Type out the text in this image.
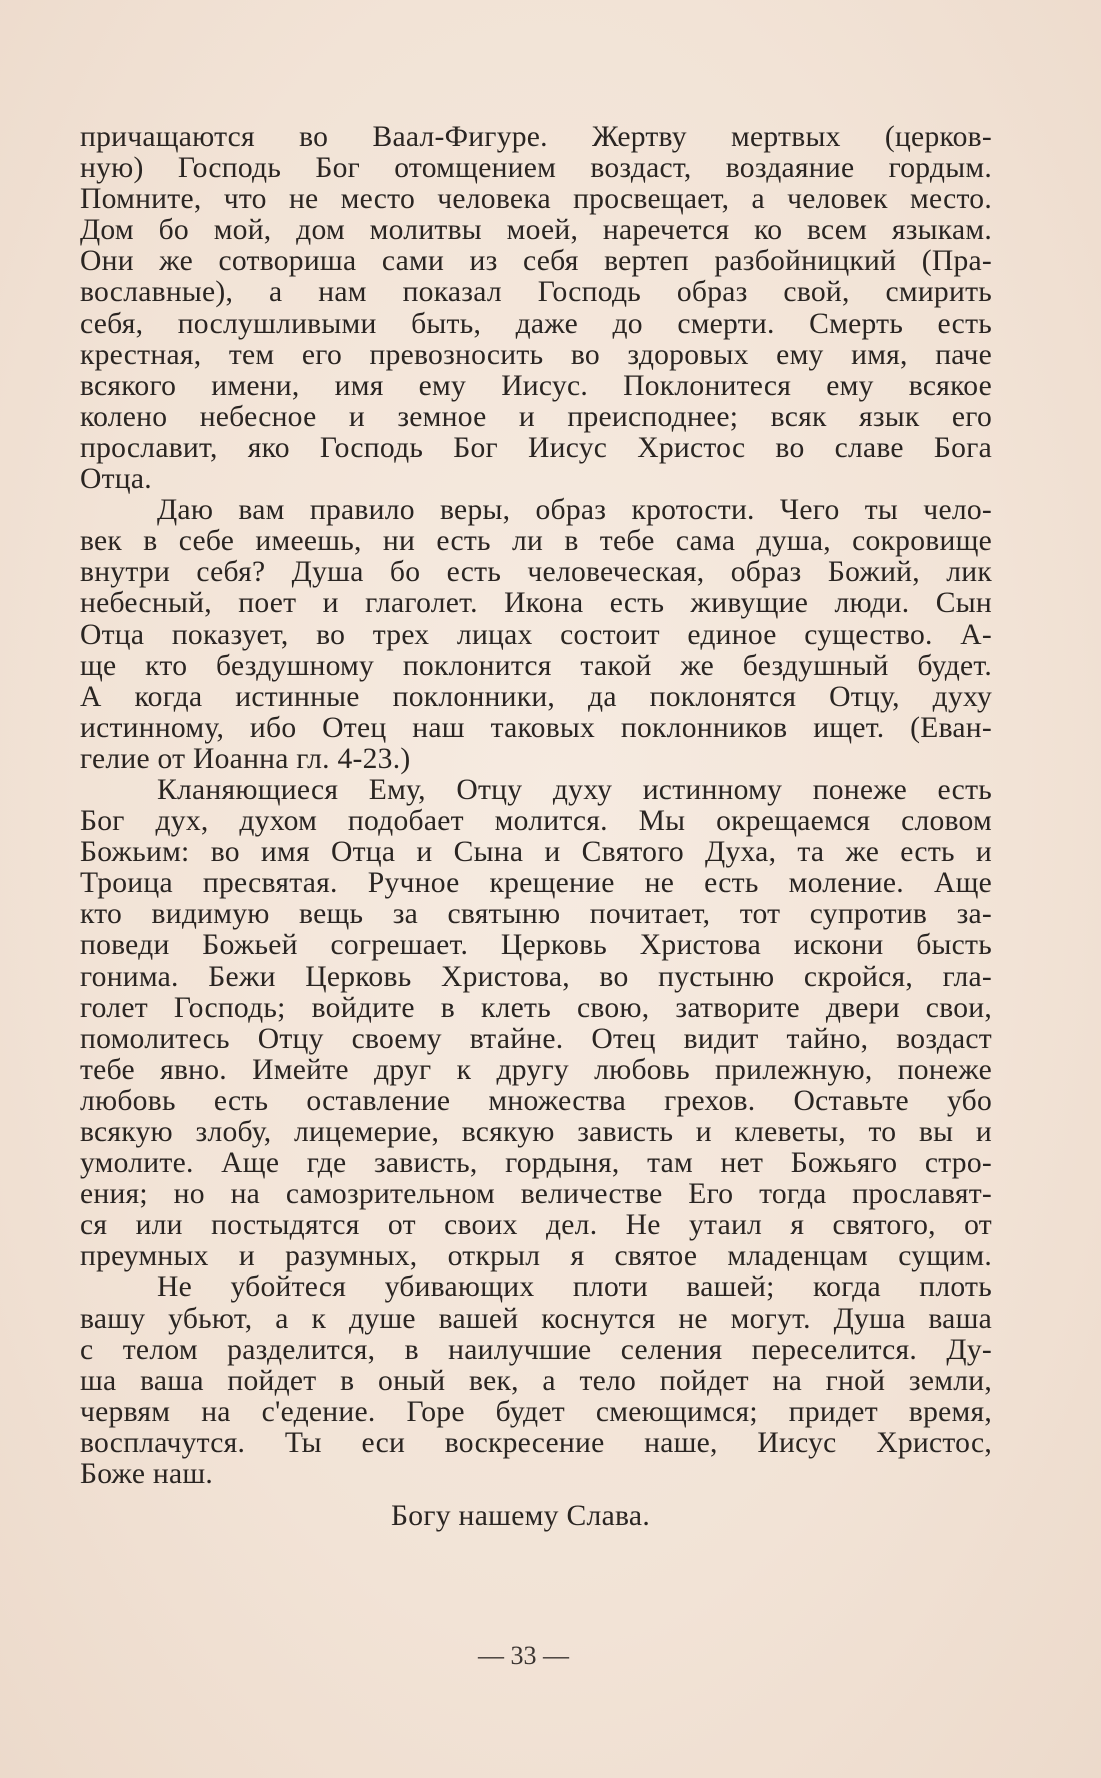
причащаются во Ваал-Фигуре. Жертву мертвых (церков-
ную) Господь Бог отомщением воздаст, воздаяние гордым.
Помните, что не место человека просвещает, а человек место.
Дом бо мой, дом молитвы моей, наречется ко всем языкам.
Они же сотвориша сами из себя вертеп разбойницкий (Пра-
вославные), а нам показал Господь образ свой, смирить
себя, послушливыми быть, даже до смерти. Смерть есть
крестная, тем его превозносить во здоровых ему имя, паче
всякого имени, имя ему Иисус. Поклонитеся ему всякое
колено небесное и земное и преисподнее; всяк язык его
прославит, яко Господь Бог Иисус Христос во славе Бога
Отца.
Даю вам правило веры, образ кротости. Чего ты чело-
век в себе имеешь, ни есть ли в тебе сама душа, сокровище
внутри себя? Душа бо есть человеческая, образ Божий, лик
небесный, поет и глаголет. Икона есть живущие люди. Сын
Отца показует, во трех лицах состоит единое существо. А-
ще кто бездушному поклонится такой же бездушный будет.
А когда истинные поклонники, да поклонятся Отцу, духу
истинному, ибо Отец наш таковых поклонников ищет. (Еван-
гелие от Иоанна гл. 4-23.)
Кланяющиеся Ему, Отцу духу истинному понеже есть
Бог дух, духом подобает молится. Мы окрещаемся словом
Божьим: во имя Отца и Сына и Святого Духа, та же есть и
Троица пресвятая. Ручное крещение не есть моление. Аще
кто видимую вещь за святыню почитает, тот супротив за-
поведи Божьей согрешает. Церковь Христова искони бысть
гонима. Бежи Церковь Христова, во пустыню скройся, гла-
голет Господь; войдите в клеть свою, затворите двери свои,
помолитесь Отцу своему втайне. Отец видит тайно, воздаст
тебе явно. Имейте друг к другу любовь прилежную, понеже
любовь есть оставление множества грехов. Оставьте убо
всякую злобу, лицемерие, всякую зависть и клеветы, то вы и
умолите. Аще где зависть, гордыня, там нет Божьяго стро-
ения; но на самозрительном величестве Его тогда прославят-
ся или постыдятся от своих дел. Не утаил я святого, от
преумных и разумных, открыл я святое младенцам сущим.
Не убойтеся убивающих плоти вашей; когда плоть
вашу убьют, а к душе вашей коснутся не могут. Душа ваша
с телом разделится, в наилучшие селения переселится. Ду-
ша ваша пойдет в оный век, а тело пойдет на гной земли,
червям на с'едение. Горе будет смеющимся; придет время,
восплачутся. Ты еси воскресение наше, Иисус Христос,
Боже наш.
Богу нашему Слава.
— 33 —
